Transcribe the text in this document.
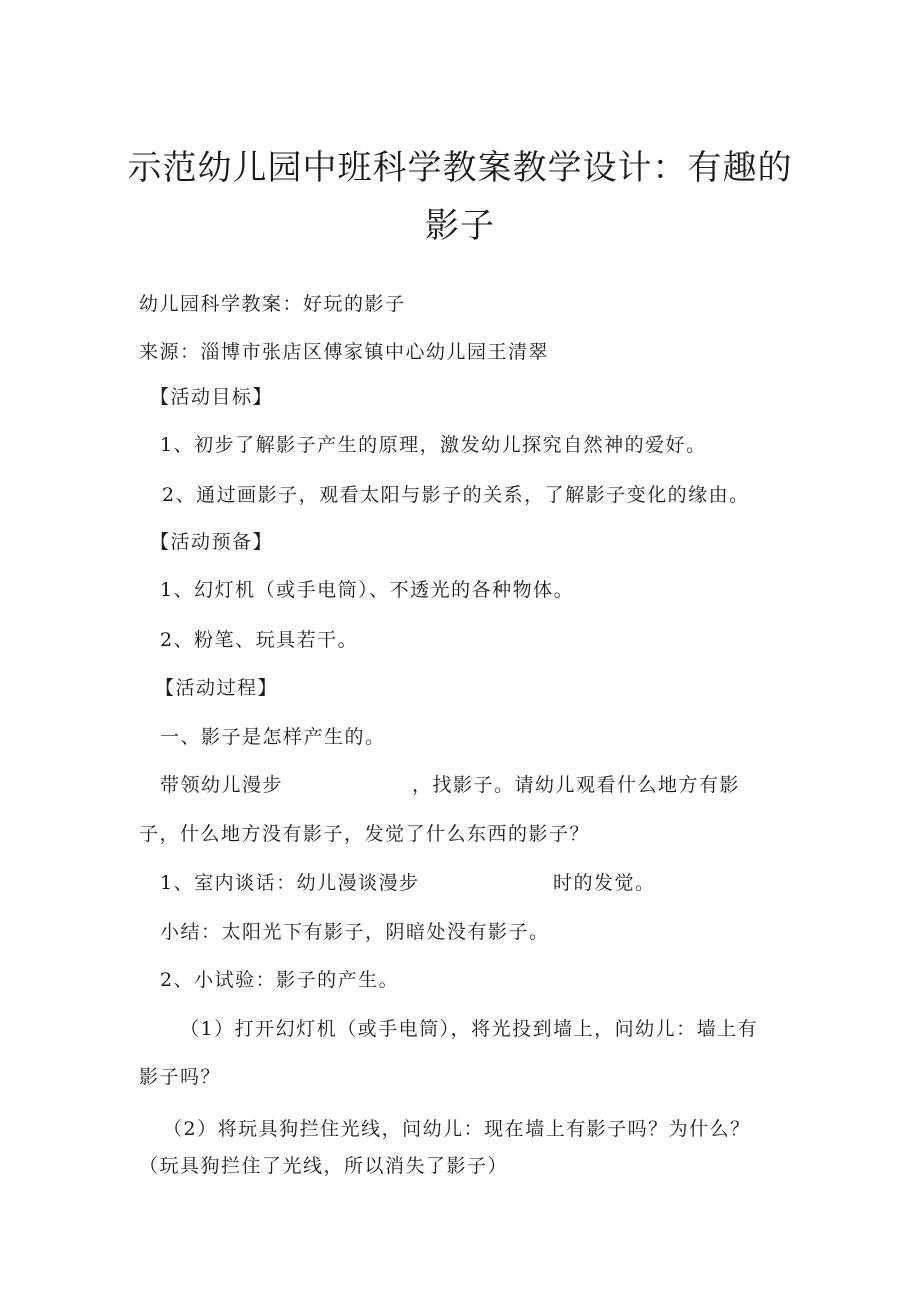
示范幼儿园中班科学教案教学设计：有趣的
影子
幼儿园科学教案：好玩的影子
来源：淄博市张店区傅家镇中心幼儿园王清翠
【活动目标】
1、初步了解影子产生的原理，激发幼儿探究自然神的爱好。
2、通过画影子，观看太阳与影子的关系，了解影子变化的缘由。
【活动预备】
1、幻灯机（或手电筒）、不透光的各种物体。
2、粉笔、玩具若干。
【活动过程】
一、影子是怎样产生的。
带领幼儿漫步	，找影子。请幼儿观看什么地方有影
子，什么地方没有影子，发觉了什么东西的影子？
1、室内谈话：幼儿漫谈漫步	时的发觉。
小结：太阳光下有影子，阴暗处没有影子。
2、小试验：影子的产生。
（1）打开幻灯机（或手电筒），将光投到墙上，问幼儿：墙上有
影子吗？
（2）将玩具狗拦住光线，问幼儿：现在墙上有影子吗？为什么？
（玩具狗拦住了光线，所以消失了影子）
